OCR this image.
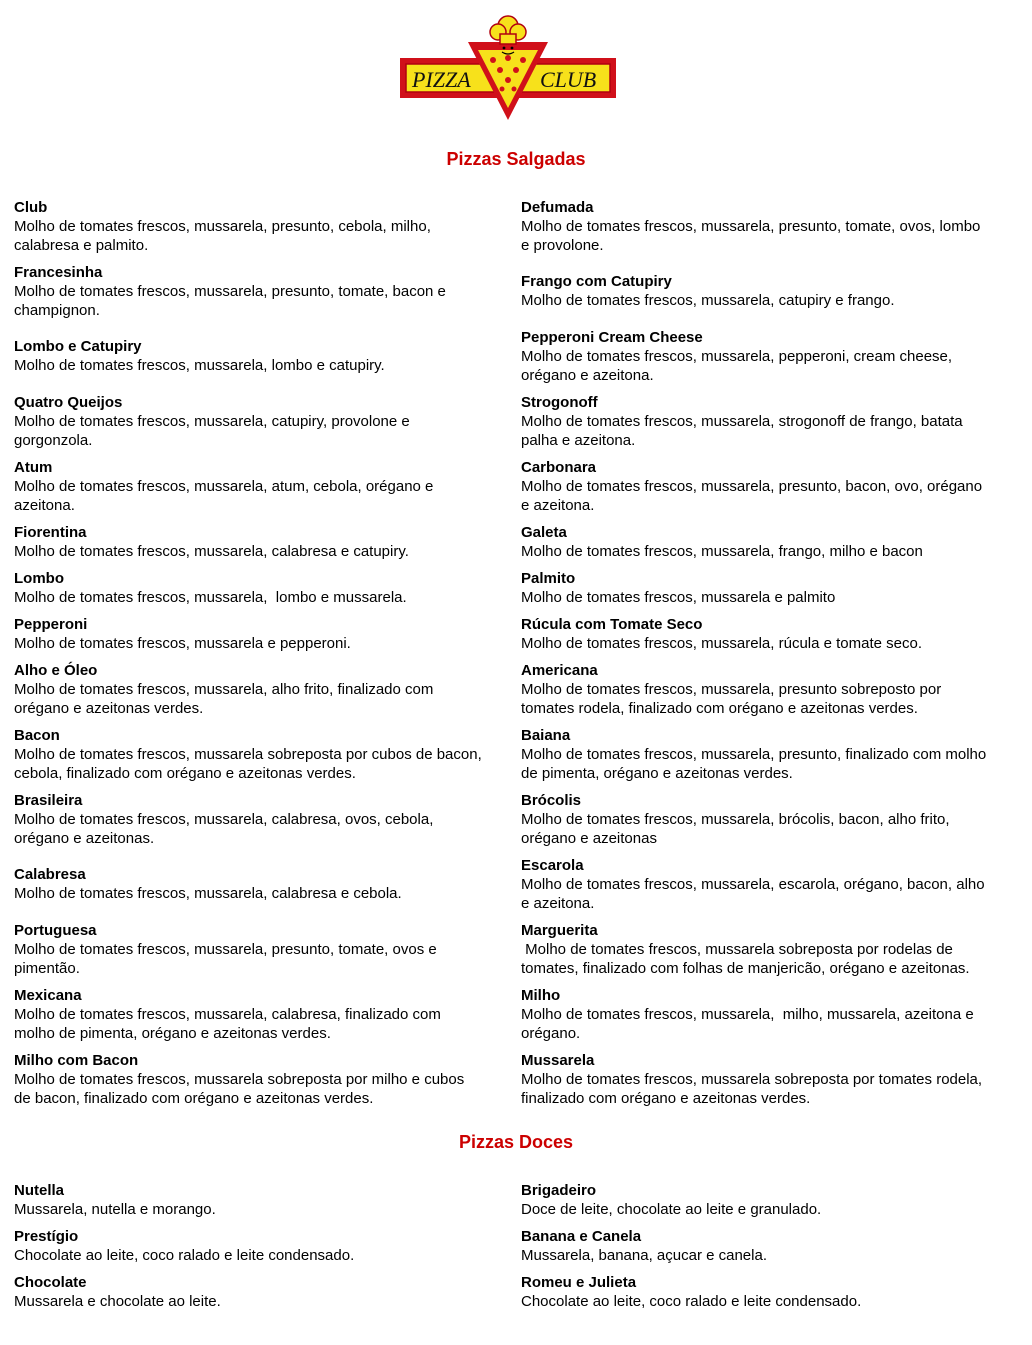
PIZZA	CLUB
Pizzas Salgadas
Club
Molho de tomates frescos, mussarela, presunto, cebola, milho,
calabresa e palmito.
Francesinha
Molho de tomates frescos, mussarela, presunto, tomate, bacon e
champignon.
Lombo e Catupiry
Molho de tomates frescos, mussarela, lombo e catupiry.
Quatro Queijos
Molho de tomates frescos, mussarela, catupiry, provolone e
gorgonzola.
Atum
Molho de tomates frescos, mussarela, atum, cebola, orégano e
azeitona.
Fiorentina
Molho de tomates frescos, mussarela, calabresa e catupiry.
Lombo
Molho de tomates frescos, mussarela,  lombo e mussarela.
Pepperoni
Molho de tomates frescos, mussarela e pepperoni.
Alho e Óleo
Molho de tomates frescos, mussarela, alho frito, finalizado com
orégano e azeitonas verdes.
Bacon
Molho de tomates frescos, mussarela sobreposta por cubos de bacon,
cebola, finalizado com orégano e azeitonas verdes.
Brasileira
Molho de tomates frescos, mussarela, calabresa, ovos, cebola,
orégano e azeitonas.
Calabresa
Molho de tomates frescos, mussarela, calabresa e cebola.
Portuguesa
Molho de tomates frescos, mussarela, presunto, tomate, ovos e
pimentão.
Mexicana
Molho de tomates frescos, mussarela, calabresa, finalizado com
molho de pimenta, orégano e azeitonas verdes.
Milho com Bacon
Molho de tomates frescos, mussarela sobreposta por milho e cubos
de bacon, finalizado com orégano e azeitonas verdes.
Defumada
Molho de tomates frescos, mussarela, presunto, tomate, ovos, lombo
e provolone.
Frango com Catupiry
Molho de tomates frescos, mussarela, catupiry e frango.
Pepperoni Cream Cheese
Molho de tomates frescos, mussarela, pepperoni, cream cheese,
orégano e azeitona.
Strogonoff
Molho de tomates frescos, mussarela, strogonoff de frango, batata
palha e azeitona.
Carbonara
Molho de tomates frescos, mussarela, presunto, bacon, ovo, orégano
e azeitona.
Galeta
Molho de tomates frescos, mussarela, frango, milho e bacon
Palmito
Molho de tomates frescos, mussarela e palmito
Rúcula com Tomate Seco
Molho de tomates frescos, mussarela, rúcula e tomate seco.
Americana
Molho de tomates frescos, mussarela, presunto sobreposto por
tomates rodela, finalizado com orégano e azeitonas verdes.
Baiana
Molho de tomates frescos, mussarela, presunto, finalizado com molho
de pimenta, orégano e azeitonas verdes.
Brócolis
Molho de tomates frescos, mussarela, brócolis, bacon, alho frito,
orégano e azeitonas
Escarola
Molho de tomates frescos, mussarela, escarola, orégano, bacon, alho
e azeitona.
Marguerita
Molho de tomates frescos, mussarela sobreposta por rodelas de
tomates, finalizado com folhas de manjericão, orégano e azeitonas.
Milho
Molho de tomates frescos, mussarela,  milho, mussarela, azeitona e
orégano.
Mussarela
Molho de tomates frescos, mussarela sobreposta por tomates rodela,
finalizado com orégano e azeitonas verdes.
Pizzas Doces
Nutella
Mussarela, nutella e morango.
Prestígio
Chocolate ao leite, coco ralado e leite condensado.
Chocolate
Mussarela e chocolate ao leite.
Brigadeiro
Doce de leite, chocolate ao leite e granulado.
Banana e Canela
Mussarela, banana, açucar e canela.
Romeu e Julieta
Chocolate ao leite, coco ralado e leite condensado.
